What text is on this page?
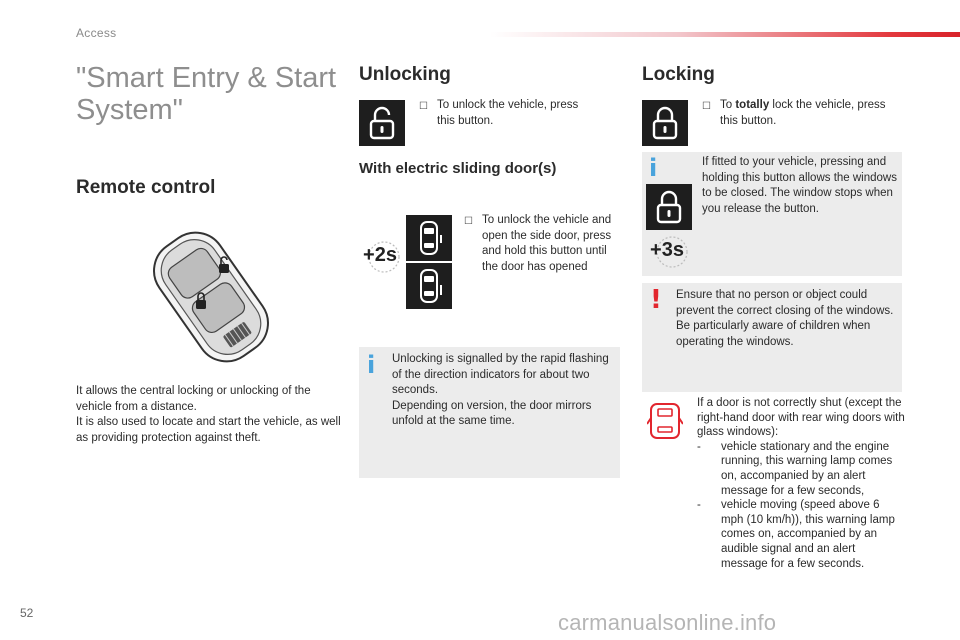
Access
"Smart Entry & Start System"
Remote control
It allows the central locking or unlocking of the vehicle from a distance.
It is also used to locate and start the vehicle, as well as providing protection against theft.
Unlocking
☐ To unlock the vehicle, press this button.
With electric sliding door(s)
+2s
☐ To unlock the vehicle and open the side door, press and hold this button until the door has opened
i Unlocking is signalled by the rapid flashing of the direction indicators for about two seconds.
Depending on version, the door mirrors unfold at the same time.
Locking
☐ To totally lock the vehicle, press this button.
i
+3s
If fitted to your vehicle, pressing and holding this button allows the windows to be closed. The window stops when you release the button.
! Ensure that no person or object could prevent the correct closing of the windows.
Be particularly aware of children when operating the windows.
If a door is not correctly shut (except the right-hand door with rear wing doors with glass windows):
-	vehicle stationary and the engine running, this warning lamp comes on, accompanied by an alert message for a few seconds,
-	vehicle moving (speed above 6 mph (10 km/h)), this warning lamp comes on, accompanied by an audible signal and an alert message for a few seconds.
52	carmanualsonline.info
